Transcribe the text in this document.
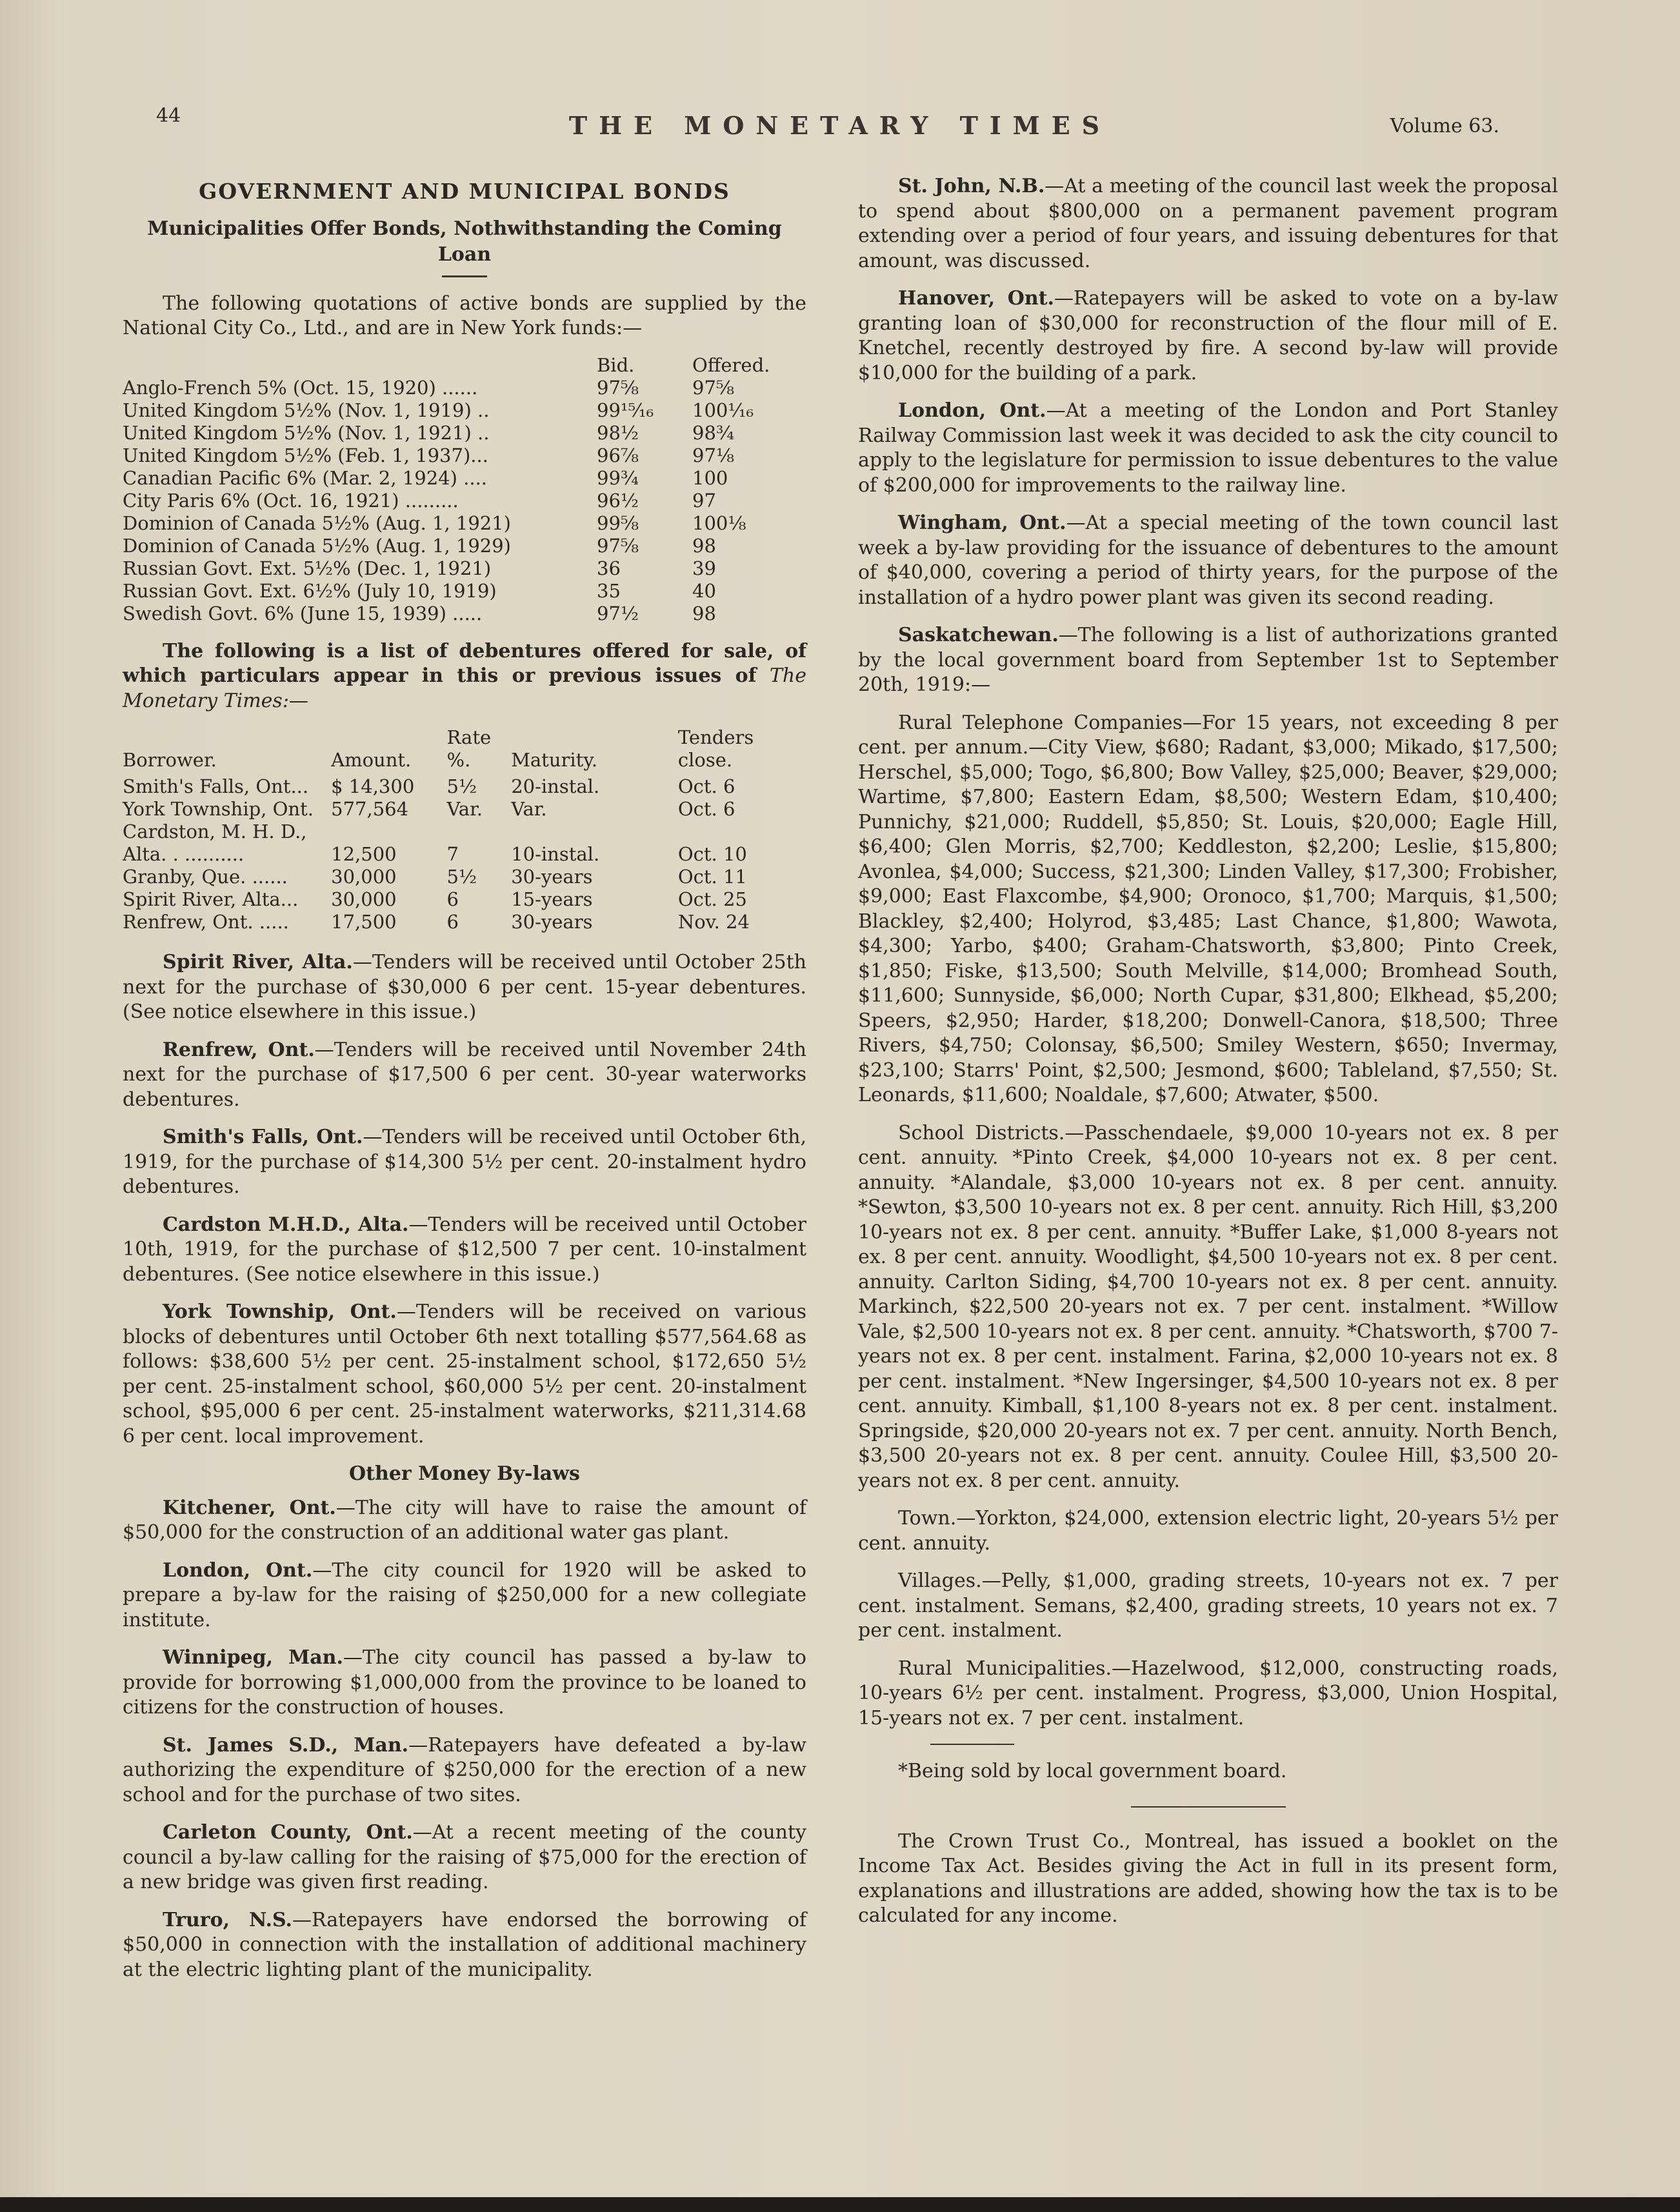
44	THE MONETARY TIMES	Volume 63.
GOVERNMENT AND MUNICIPAL BONDS
Municipalities Offer Bonds, Nothwithstanding the Coming Loan

The following quotations of active bonds are supplied by the National City Co., Ltd., and are in New York funds:—

	Bid.	Offered.
Anglo-French 5% (Oct. 15, 1920) ......	97⅝	97⅝
United Kingdom 5½% (Nov. 1, 1919) ..	99¹⁵⁄₁₆	100¹⁄₁₆
United Kingdom 5½% (Nov. 1, 1921) ..	98½	98¾
United Kingdom 5½% (Feb. 1, 1937)...	96⅞	97⅛
Canadian Pacific 6% (Mar. 2, 1924) ....	99¾	100
City Paris 6% (Oct. 16, 1921) .........	96½	97
Dominion of Canada 5½% (Aug. 1, 1921)	99⅝	100⅛
Dominion of Canada 5½% (Aug. 1, 1929)	97⅝	98
Russian Govt. Ext. 5½% (Dec. 1, 1921)	36	39
Russian Govt. Ext. 6½% (July 10, 1919)	35	40
Swedish Govt. 6% (June 15, 1939) .....	97½	98

The following is a list of debentures offered for sale, of which particulars appear in this or previous issues of The Monetary Times:—

Borrower.	Amount.	Rate %.	Maturity.	Tenders close.
Smith's Falls, Ont...	$ 14,300	5½	20-instal.	Oct. 6
York Township, Ont.	577,564	Var.	Var.	Oct. 6
Cardston, M. H. D.,				
Alta. . ..........	12,500	7	10-instal.	Oct. 10
Granby, Que. ......	30,000	5½	30-years	Oct. 11
Spirit River, Alta...	30,000	6	15-years	Oct. 25
Renfrew, Ont. .....	17,500	6	30-years	Nov. 24

Spirit River, Alta.—Tenders will be received until October 25th next for the purchase of $30,000 6 per cent. 15-year debentures. (See notice elsewhere in this issue.)

Renfrew, Ont.—Tenders will be received until November 24th next for the purchase of $17,500 6 per cent. 30-year waterworks debentures.

Smith's Falls, Ont.—Tenders will be received until October 6th, 1919, for the purchase of $14,300 5½ per cent. 20-instalment hydro debentures.

Cardston M.H.D., Alta.—Tenders will be received until October 10th, 1919, for the purchase of $12,500 7 per cent. 10-instalment debentures. (See notice elsewhere in this issue.)

York Township, Ont.—Tenders will be received on various blocks of debentures until October 6th next totalling $577,564.68 as follows: $38,600 5½ per cent. 25-instalment school, $172,650 5½ per cent. 25-instalment school, $60,000 5½ per cent. 20-instalment school, $95,000 6 per cent. 25-instalment waterworks, $211,314.68 6 per cent. local improvement.

Other Money By-laws

Kitchener, Ont.—The city will have to raise the amount of $50,000 for the construction of an additional water gas plant.

London, Ont.—The city council for 1920 will be asked to prepare a by-law for the raising of $250,000 for a new collegiate institute.

Winnipeg, Man.—The city council has passed a by-law to provide for borrowing $1,000,000 from the province to be loaned to citizens for the construction of houses.

St. James S.D., Man.—Ratepayers have defeated a by-law authorizing the expenditure of $250,000 for the erection of a new school and for the purchase of two sites.

Carleton County, Ont.—At a recent meeting of the county council a by-law calling for the raising of $75,000 for the erection of a new bridge was given first reading.

Truro, N.S.—Ratepayers have endorsed the borrowing of $50,000 in connection with the installation of additional machinery at the electric lighting plant of the municipality.

St. John, N.B.—At a meeting of the council last week the proposal to spend about $800,000 on a permanent pavement program extending over a period of four years, and issuing debentures for that amount, was discussed.

Hanover, Ont.—Ratepayers will be asked to vote on a by-law granting loan of $30,000 for reconstruction of the flour mill of E. Knetchel, recently destroyed by fire. A second by-law will provide $10,000 for the building of a park.

London, Ont.—At a meeting of the London and Port Stanley Railway Commission last week it was decided to ask the city council to apply to the legislature for permission to issue debentures to the value of $200,000 for improvements to the railway line.

Wingham, Ont.—At a special meeting of the town council last week a by-law providing for the issuance of debentures to the amount of $40,000, covering a period of thirty years, for the purpose of the installation of a hydro power plant was given its second reading.

Saskatchewan.—The following is a list of authorizations granted by the local government board from September 1st to September 20th, 1919:—

Rural Telephone Companies—For 15 years, not exceeding 8 per cent. per annum.—City View, $680; Radant, $3,000; Mikado, $17,500; Herschel, $5,000; Togo, $6,800; Bow Valley, $25,000; Beaver, $29,000; Wartime, $7,800; Eastern Edam, $8,500; Western Edam, $10,400; Punnichy, $21,000; Ruddell, $5,850; St. Louis, $20,000; Eagle Hill, $6,400; Glen Morris, $2,700; Keddleston, $2,200; Leslie, $15,800; Avonlea, $4,000; Success, $21,300; Linden Valley, $17,300; Frobisher, $9,000; East Flaxcombe, $4,900; Oronoco, $1,700; Marquis, $1,500; Blackley, $2,400; Holyrod, $3,485; Last Chance, $1,800; Wawota, $4,300; Yarbo, $400; Graham-Chatsworth, $3,800; Pinto Creek, $1,850; Fiske, $13,500; South Melville, $14,000; Bromhead South, $11,600; Sunnyside, $6,000; North Cupar, $31,800; Elkhead, $5,200; Speers, $2,950; Harder, $18,200; Donwell-Canora, $18,500; Three Rivers, $4,750; Colonsay, $6,500; Smiley Western, $650; Invermay, $23,100; Starrs' Point, $2,500; Jesmond, $600; Tableland, $7,550; St. Leonards, $11,600; Noaldale, $7,600; Atwater, $500.

School Districts.—Passchendaele, $9,000 10-years not ex. 8 per cent. annuity. *Pinto Creek, $4,000 10-years not ex. 8 per cent. annuity. *Alandale, $3,000 10-years not ex. 8 per cent. annuity. *Sewton, $3,500 10-years not ex. 8 per cent. annuity. Rich Hill, $3,200 10-years not ex. 8 per cent. annuity. *Buffer Lake, $1,000 8-years not ex. 8 per cent. annuity. Woodlight, $4,500 10-years not ex. 8 per cent. annuity. Carlton Siding, $4,700 10-years not ex. 8 per cent. annuity. Markinch, $22,500 20-years not ex. 7 per cent. instalment. *Willow Vale, $2,500 10-years not ex. 8 per cent. annuity. *Chatsworth, $700 7-years not ex. 8 per cent. instalment. Farina, $2,000 10-years not ex. 8 per cent. instalment. *New Ingersinger, $4,500 10-years not ex. 8 per cent. annuity. Kimball, $1,100 8-years not ex. 8 per cent. instalment. Springside, $20,000 20-years not ex. 7 per cent. annuity. North Bench, $3,500 20-years not ex. 8 per cent. annuity. Coulee Hill, $3,500 20-years not ex. 8 per cent. annuity.

Town.—Yorkton, $24,000, extension electric light, 20-years 5½ per cent. annuity.

Villages.—Pelly, $1,000, grading streets, 10-years not ex. 7 per cent. instalment. Semans, $2,400, grading streets, 10 years not ex. 7 per cent. instalment.

Rural Municipalities.—Hazelwood, $12,000, constructing roads, 10-years 6½ per cent. instalment. Progress, $3,000, Union Hospital, 15-years not ex. 7 per cent. instalment.

*Being sold by local government board.

The Crown Trust Co., Montreal, has issued a booklet on the Income Tax Act. Besides giving the Act in full in its present form, explanations and illustrations are added, showing how the tax is to be calculated for any income.
